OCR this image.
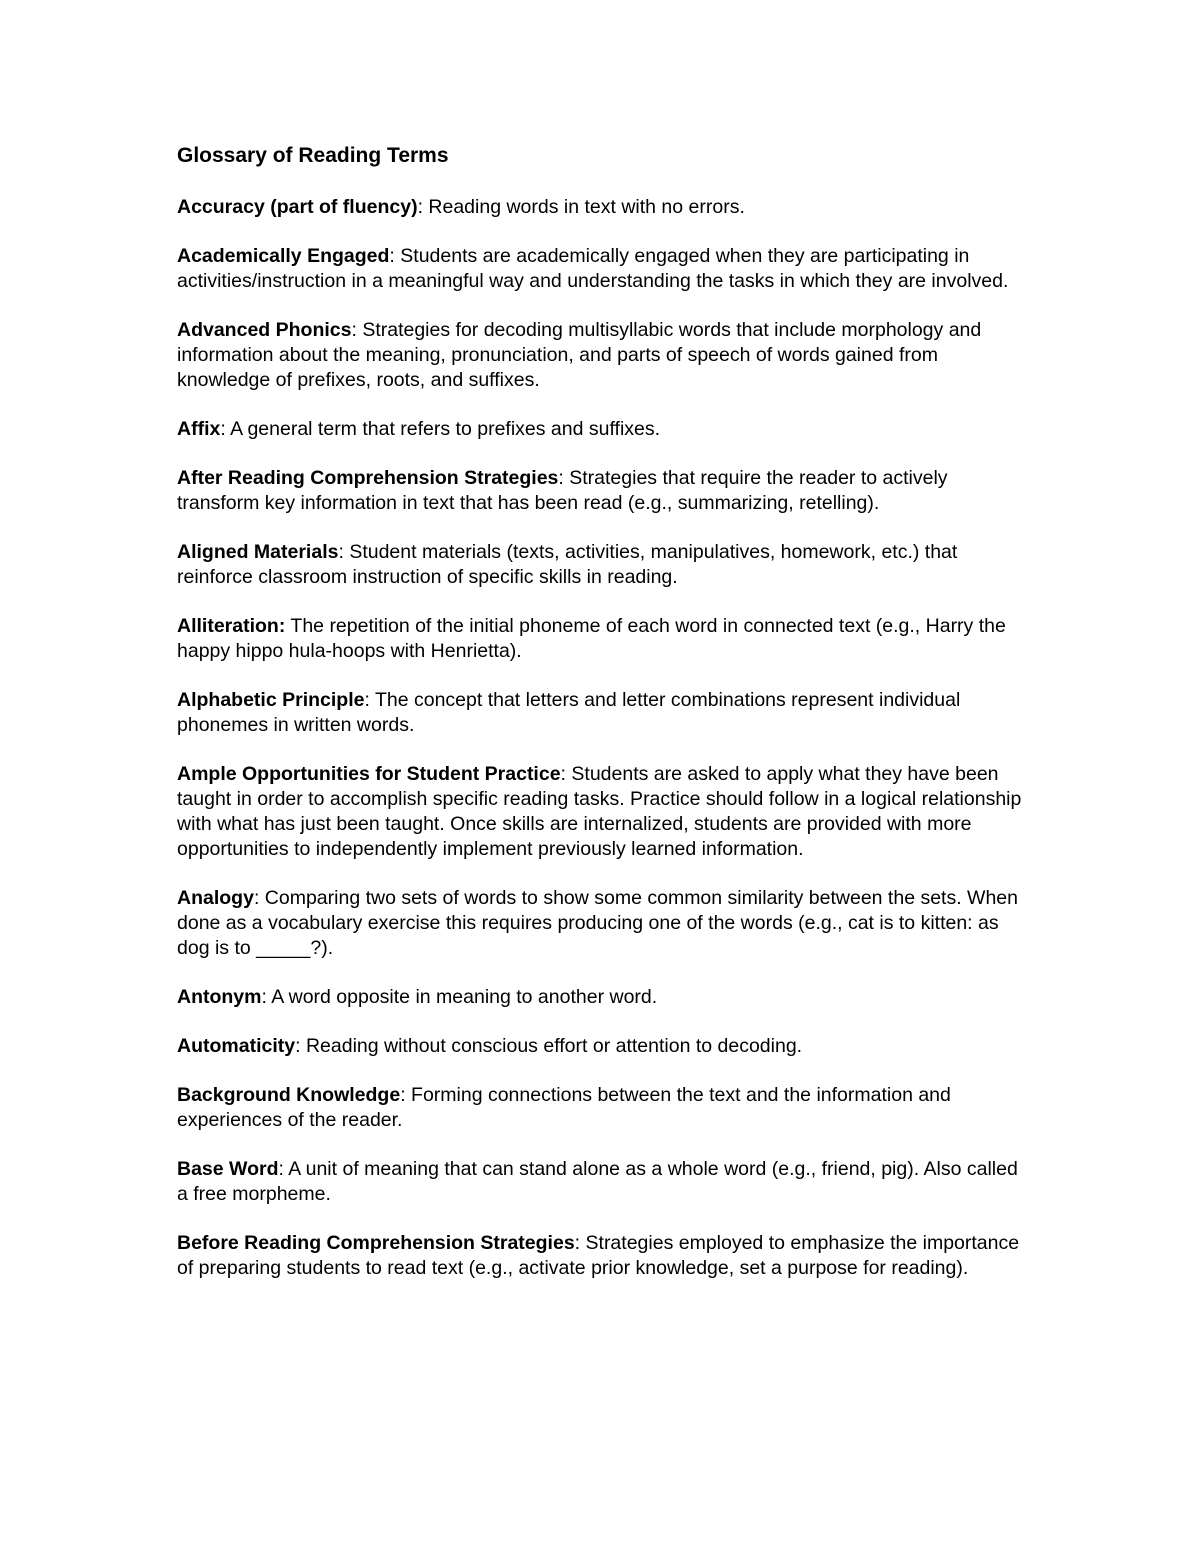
Glossary of Reading Terms

Accuracy (part of fluency): Reading words in text with no errors.

Academically Engaged: Students are academically engaged when they are participating in activities/instruction in a meaningful way and understanding the tasks in which they are involved.

Advanced Phonics: Strategies for decoding multisyllabic words that include morphology and information about the meaning, pronunciation, and parts of speech of words gained from knowledge of prefixes, roots, and suffixes.

Affix: A general term that refers to prefixes and suffixes.

After Reading Comprehension Strategies: Strategies that require the reader to actively transform key information in text that has been read (e.g., summarizing, retelling).

Aligned Materials: Student materials (texts, activities, manipulatives, homework, etc.) that reinforce classroom instruction of specific skills in reading.

Alliteration: The repetition of the initial phoneme of each word in connected text (e.g., Harry the happy hippo hula-hoops with Henrietta).

Alphabetic Principle: The concept that letters and letter combinations represent individual phonemes in written words.

Ample Opportunities for Student Practice: Students are asked to apply what they have been taught in order to accomplish specific reading tasks. Practice should follow in a logical relationship with what has just been taught. Once skills are internalized, students are provided with more opportunities to independently implement previously learned information.

Analogy: Comparing two sets of words to show some common similarity between the sets. When done as a vocabulary exercise this requires producing one of the words (e.g., cat is to kitten: as dog is to _____?).

Antonym: A word opposite in meaning to another word.

Automaticity: Reading without conscious effort or attention to decoding.

Background Knowledge: Forming connections between the text and the information and experiences of the reader.

Base Word: A unit of meaning that can stand alone as a whole word (e.g., friend, pig). Also called a free morpheme.

Before Reading Comprehension Strategies: Strategies employed to emphasize the importance of preparing students to read text (e.g., activate prior knowledge, set a purpose for reading).
